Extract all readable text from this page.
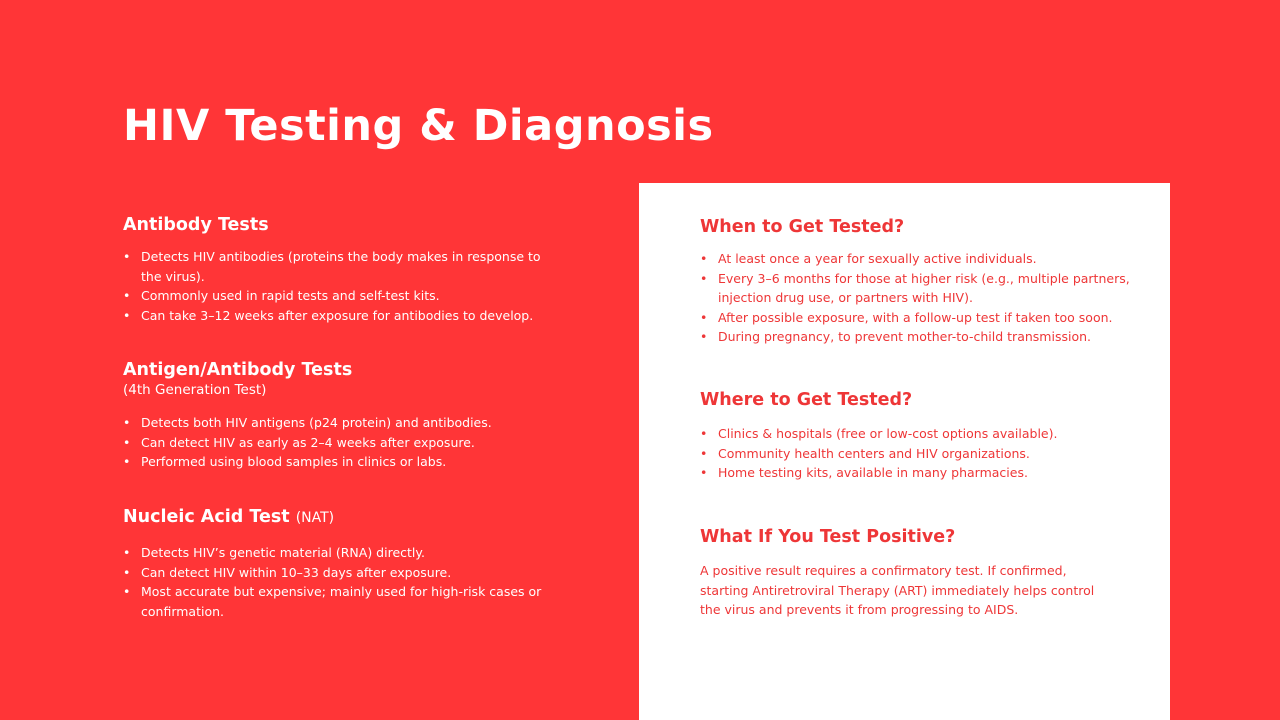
HIV Testing & Diagnosis
Antibody Tests
• Detects HIV antibodies (proteins the body makes in response to the virus).
• Commonly used in rapid tests and self-test kits.
• Can take 3–12 weeks after exposure for antibodies to develop.
Antigen/Antibody Tests

(4th Generation Test)

• Detects both HIV antigens (p24 protein) and antibodies.
• Can detect HIV as early as 2–4 weeks after exposure.
• Performed using blood samples in clinics or labs.
Nucleic Acid Test (NAT)
• Detects HIV’s genetic material (RNA) directly.
• Can detect HIV within 10–33 days after exposure.
• Most accurate but expensive; mainly used for high-risk cases or confirmation.
When to Get Tested?
• At least once a year for sexually active individuals.
• Every 3–6 months for those at higher risk (e.g., multiple partners, injection drug use, or partners with HIV).
• After possible exposure, with a follow-up test if taken too soon.
• During pregnancy, to prevent mother-to-child transmission.
Where to Get Tested?
• Clinics & hospitals (free or low-cost options available).
• Community health centers and HIV organizations.
• Home testing kits, available in many pharmacies.
What If You Test Positive?

A positive result requires a confirmatory test. If confirmed, starting Antiretroviral Therapy (ART) immediately helps control the virus and prevents it from progressing to AIDS.
